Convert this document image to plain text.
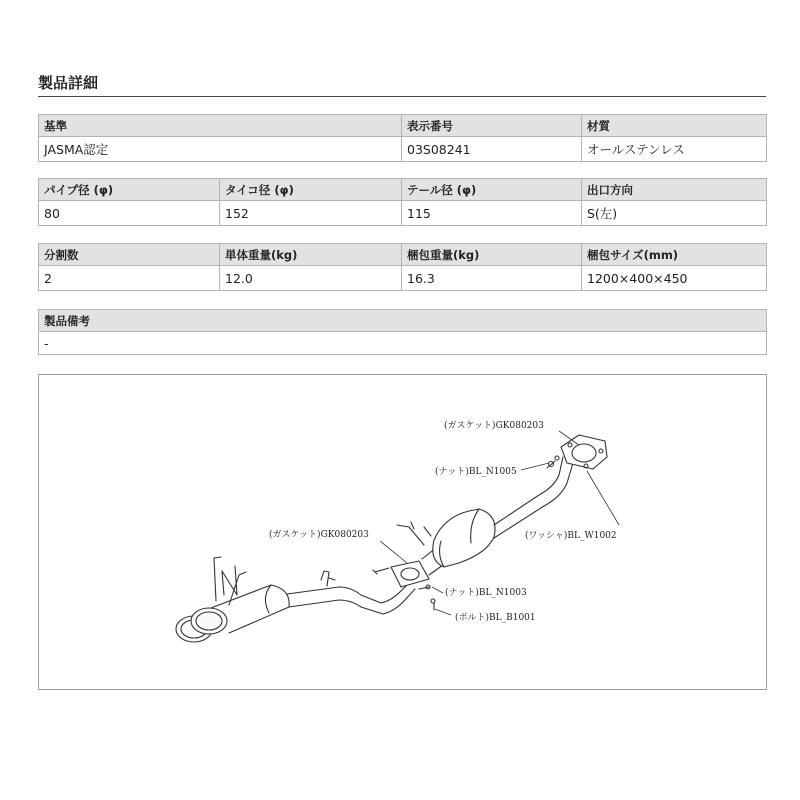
製品詳細
基準	表示番号	材質
JASMA認定	03S08241	オールステンレス
パイプ径 (φ)	タイコ径 (φ)	テール径 (φ)	出口方向
80	152	115	S(左)
分割数	単体重量(kg)	梱包重量(kg)	梱包サイズ(mm)
2	12.0	16.3	1200×400×450
製品備考
-
(ガスケット)GK080203
(ナット)BL_N1005
(ワッシャ)BL_W1002
(ガスケット)GK080203
(ナット)BL_N1003
(ボルト)BL_B1001
